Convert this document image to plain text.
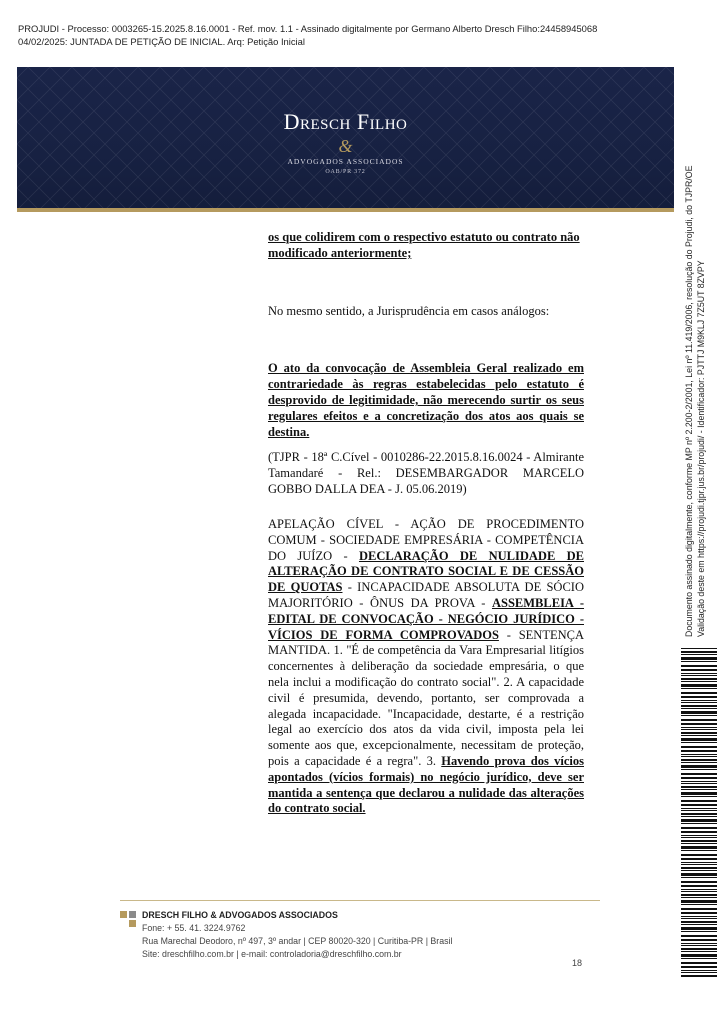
PROJUDI - Processo: 0003265-15.2025.8.16.0001 - Ref. mov. 1.1 - Assinado digitalmente por Germano Alberto Dresch Filho:24458945068
04/02/2025: JUNTADA DE PETIÇÃO DE INICIAL. Arq: Petição Inicial
Dresch Filho
&
ADVOGADOS ASSOCIADOS
OAB/PR 372
os que colidirem com o respectivo estatuto ou contrato não modificado anteriormente;
No mesmo sentido, a Jurisprudência em casos análogos:
O ato da convocação de Assembleia Geral realizado em contrariedade às regras estabelecidas pelo estatuto é desprovido de legitimidade, não merecendo surtir os seus regulares efeitos e a concretização dos atos aos quais se destina.
(TJPR - 18ª C.Cível - 0010286-22.2015.8.16.0024 - Almirante Tamandaré - Rel.: DESEMBARGADOR MARCELO GOBBO DALLA DEA - J. 05.06.2019)
APELAÇÃO CÍVEL - AÇÃO DE PROCEDIMENTO COMUM - SOCIEDADE EMPRESÁRIA - COMPETÊNCIA DO JUÍZO - DECLARAÇÃO DE NULIDADE DE ALTERAÇÃO DE CONTRATO SOCIAL E DE CESSÃO DE QUOTAS - INCAPACIDADE ABSOLUTA DE SÓCIO MAJORITÓRIO - ÔNUS DA PROVA - ASSEMBLEIA - EDITAL DE CONVOCAÇÃO - NEGÓCIO JURÍDICO - VÍCIOS DE FORMA COMPROVADOS - SENTENÇA MANTIDA. 1. "É de competência da Vara Empresarial litígios concernentes à deliberação da sociedade empresária, o que nela inclui a modificação do contrato social". 2. A capacidade civil é presumida, devendo, portanto, ser comprovada a alegada incapacidade. "Incapacidade, destarte, é a restrição legal ao exercício dos atos da vida civil, imposta pela lei somente aos que, excepcionalmente, necessitam de proteção, pois a capacidade é a regra". 3. Havendo prova dos vícios apontados (vícios formais) no negócio jurídico, deve ser mantida a sentença que declarou a nulidade das alterações do contrato social.
Documento assinado digitalmente, conforme MP nº 2.200-2/2001, Lei nº 11.419/2006, resolução do Projudi, do TJPR/OE Validação deste em https://projudi.tjpr.jus.br/projudi/ - Identificador: PJTTJ M9KLJ 7Z5UT 8ZVPY
DRESCH FILHO & ADVOGADOS ASSOCIADOS
Fone: + 55. 41. 3224.9762
Rua Marechal Deodoro, nº 497, 3º andar | CEP 80020-320 | Curitiba-PR | Brasil
Site: dreschfilho.com.br | e-mail: controladoria@dreschfilho.com.br
18
